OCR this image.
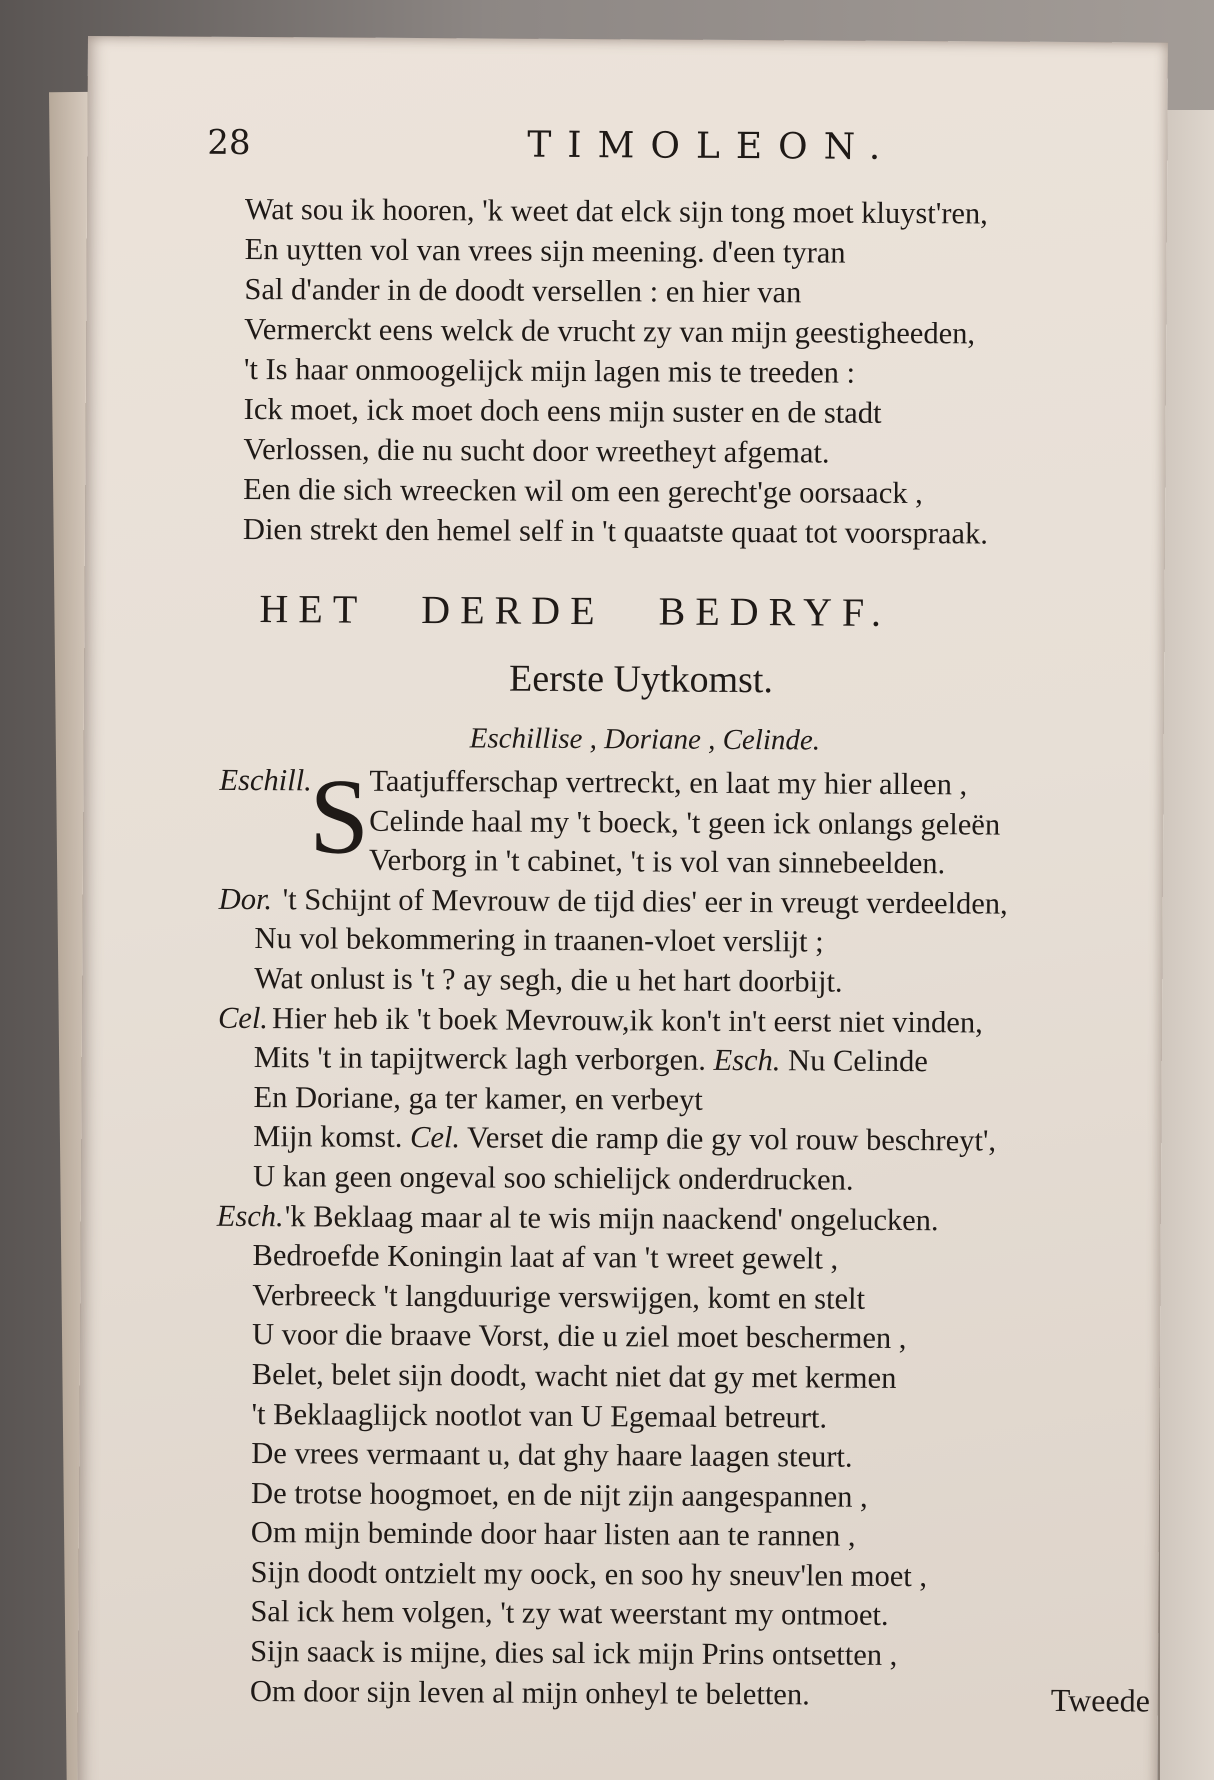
28	TIMOLEON.
Wat sou ik hooren, 'k weet dat elck sijn tong moet kluyst'ren,
En uytten vol van vrees sijn meening. d'een tyran
Sal d'ander in de doodt versellen : en hier van
Vermerckt eens welck de vrucht zy van mijn geestigheeden,
't Is haar onmoogelijck mijn lagen mis te treeden :
Ick moet, ick moet doch eens mijn suster en de stadt
Verlossen, die nu sucht door wreetheyt afgemat.
Een die sich wreecken wil om een gerecht'ge oorsaack ,
Dien strekt den hemel self in 't quaatste quaat tot voorspraak.
HET DERDE BEDRYF.
Eerste Uytkomst.
Eschillise , Doriane , Celinde.
Eschill. Taatjufferschap vertreckt, en laat my hier alleen ,
Celinde haal my 't boeck, 't geen ick onlangs geleën
Verborg in 't cabinet, 't is vol van sinnebeelden.
S
Dor. 't Schijnt of Mevrouw de tijd dies' eer in vreugt verdeelden,
Nu vol bekommering in traanen-vloet verslijt ;
Wat onlust is 't ? ay segh, die u het hart doorbijt.
Cel. Hier heb ik 't boek Mevrouw,ik kon't in't eerst niet vinden,
Mits 't in tapijtwerck lagh verborgen. Esch. Nu Celinde
En Doriane, ga ter kamer, en verbeyt
Mijn komst. Cel. Verset die ramp die gy vol rouw beschreyt',
U kan geen ongeval soo schielijck onderdrucken.
Esch. 'k Beklaag maar al te wis mijn naackend' ongelucken.
Bedroefde Koningin laat af van 't wreet gewelt ,
Verbreeck 't langduurige verswijgen, komt en stelt
U voor die braave Vorst, die u ziel moet beschermen ,
Belet, belet sijn doodt, wacht niet dat gy met kermen
't Beklaaglijck nootlot van U Egemaal betreurt.
De vrees vermaant u, dat ghy haare laagen steurt.
De trotse hoogmoet, en de nijt zijn aangespannen ,
Om mijn beminde door haar listen aan te rannen ,
Sijn doodt ontzielt my oock, en soo hy sneuv'len moet ,
Sal ick hem volgen, 't zy wat weerstant my ontmoet.
Sijn saack is mijne, dies sal ick mijn Prins ontsetten ,
Om door sijn leven al mijn onheyl te beletten.	Tweede
